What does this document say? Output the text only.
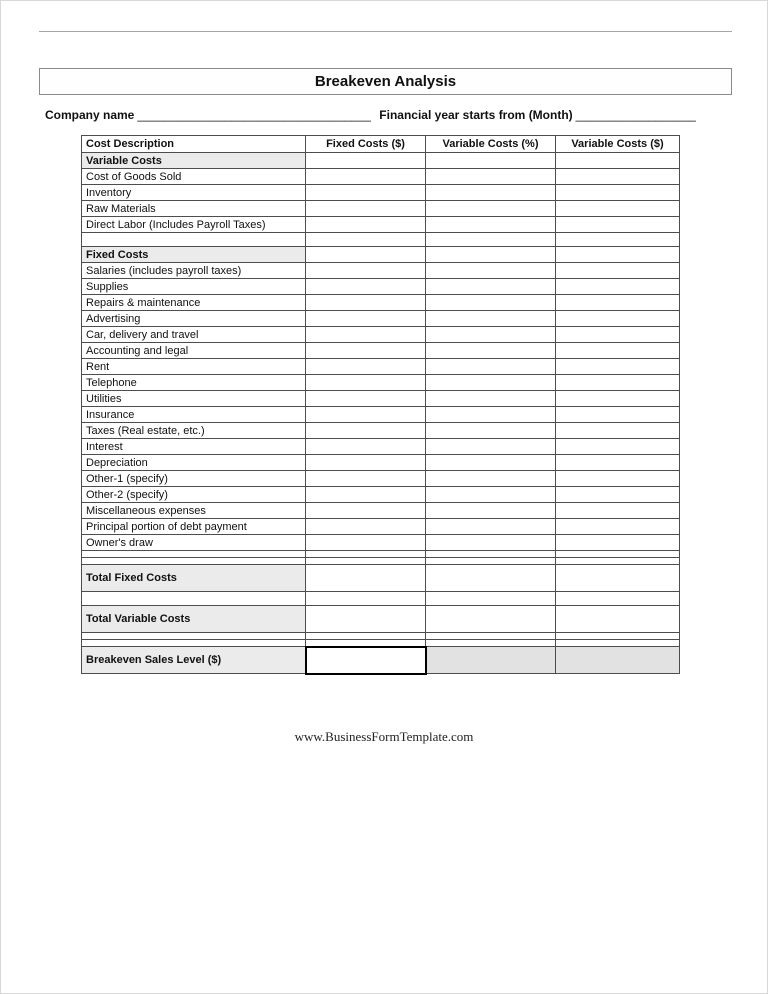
Breakeven Analysis
Company name ___________________________________ Financial year starts from (Month) __________________
Cost Description	Fixed Costs ($)	Variable Costs (%)	Variable Costs ($)
Variable Costs			
Cost of Goods Sold			
Inventory			
Raw Materials			
Direct Labor (Includes Payroll Taxes)			

Fixed Costs			
Salaries (includes payroll taxes)			
Supplies			
Repairs & maintenance			
Advertising			
Car, delivery and travel			
Accounting and legal			
Rent			
Telephone			
Utilities			
Insurance			
Taxes (Real estate, etc.)			
Interest			
Depreciation			
Other-1 (specify)			
Other-2 (specify)			
Miscellaneous expenses			
Principal portion of debt payment			
Owner's draw			

Total Fixed Costs			

Total Variable Costs			

Breakeven Sales Level ($)			
www.BusinessFormTemplate.com
